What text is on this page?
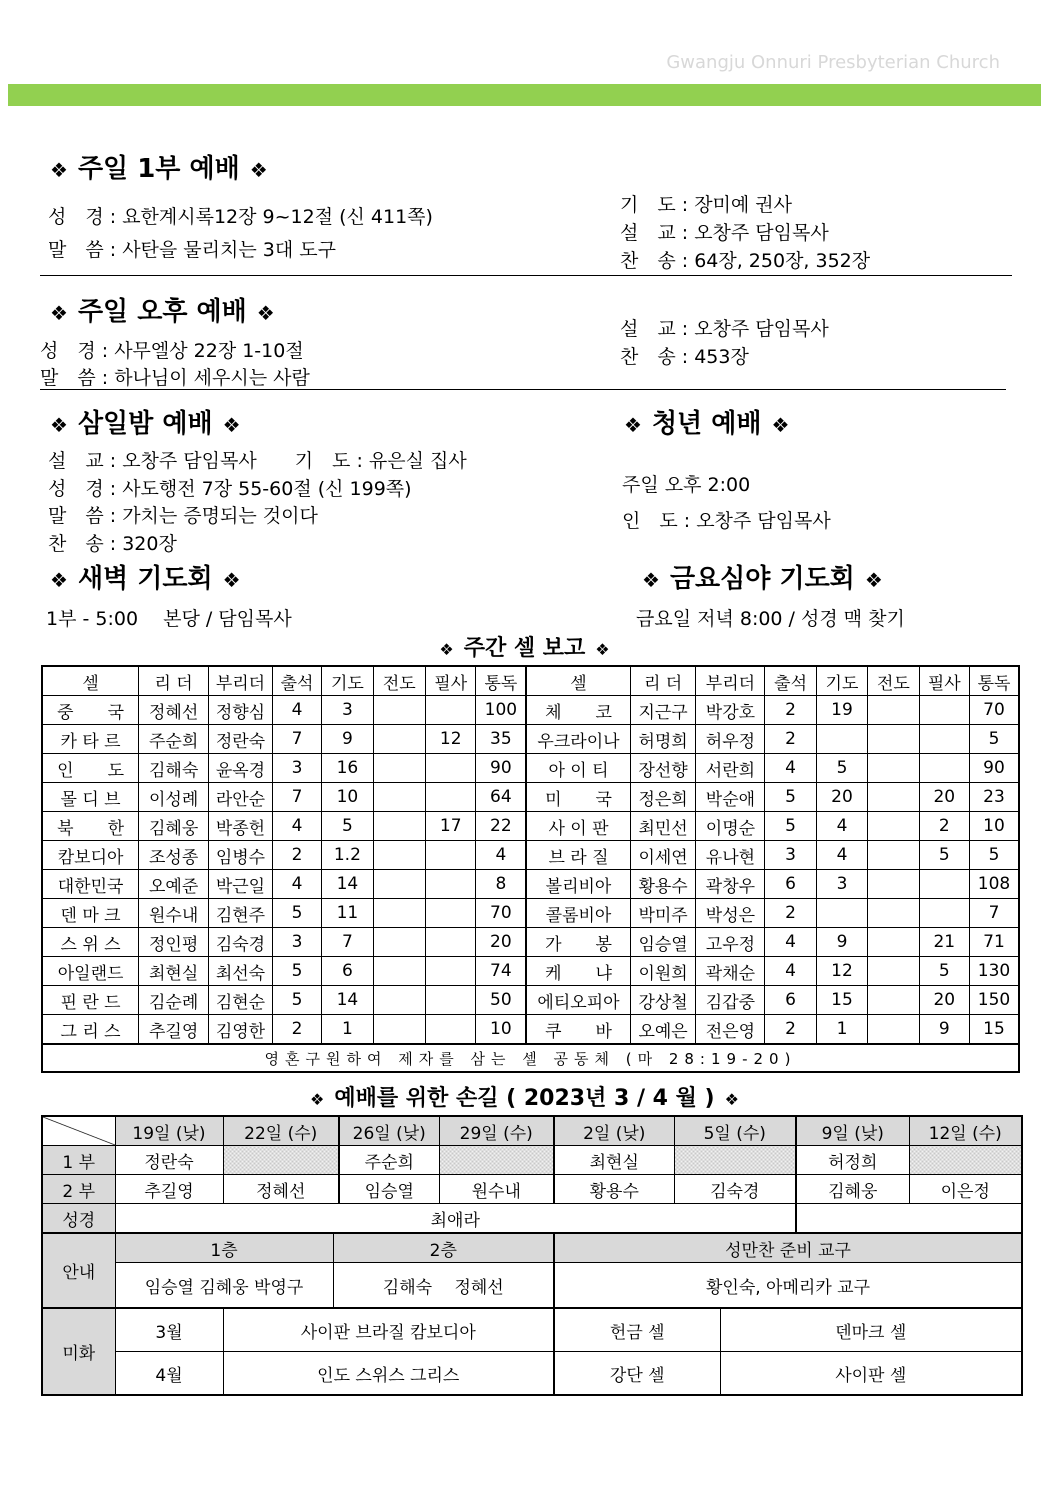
Gwangju Onnuri Presbyterian Church
❖ 주일 1부 예배 ❖
성　경 : 요한계시록12장 9~12절 (신 411쪽)
말　씀 : 사탄을 물리치는 3대 도구
기　도 : 장미예 권사
설　교 : 오창주 담임목사
찬　송 : 64장, 250장, 352장
❖ 주일 오후 예배 ❖
성　경 : 사무엘상 22장 1-10절
말　씀 : 하나님이 세우시는 사람
설　교 : 오창주 담임목사
찬　송 : 453장
❖ 삼일밤 예배 ❖
설　교 : 오창주 담임목사　　기　도 : 유은실 집사
성　경 : 사도행전 7장 55-60절 (신 199쪽)
말　씀 : 가치는 증명되는 것이다
찬　송 : 320장
❖ 청년 예배 ❖
주일 오후 2:00
인　도 : 오창주 담임목사
❖ 새벽 기도회 ❖
1부 - 5:00　 본당 / 담임목사
❖ 금요심야 기도회 ❖
금요일 저녁 8:00 / 성경 맥 찾기
❖ 주간 셀 보고 ❖
셀	리 더	부리더	출석	기도	전도	필사	통독	셀	리 더	부리더	출석	기도	전도	필사	통독
중　　국	정혜선	정향심	4	3			100	체　　코	지근구	박강호	2	19			70
카 타 르	주순희	정란숙	7	9		12	35	우크라이나	허명희	허우정	2				5
인　　도	김해숙	윤옥경	3	16			90	아 이 티	장선향	서란희	4	5			90
몰 디 브	이성례	라안순	7	10			64	미　　국	정은희	박순애	5	20		20	23
북　　한	김혜웅	박종헌	4	5		17	22	사 이 판	최민선	이명순	5	4		2	10
캄보디아	조성종	임병수	2	1.2			4	브 라 질	이세연	유나현	3	4		5	5
대한민국	오예준	박근일	4	14			8	볼리비아	황용수	곽창우	6	3			108
덴 마 크	원수내	김현주	5	11			70	콜롬비아	박미주	박성은	2				7
스 위 스	정인평	김숙경	3	7			20	가　　봉	임승열	고우정	4	9		21	71
아일랜드	최현실	최선숙	5	6			74	케　　냐	이원희	곽채순	4	12		5	130
핀 란 드	김순례	김현순	5	14			50	에티오피아	강상철	김갑중	6	15		20	150
그 리 스	추길영	김영한	2	1			10	쿠　　바	오예은	전은영	2	1		9	15
영혼구원하여 제자를 삼는 셀 공동체 (마 28:19-20)															
❖ 예배를 위한 손길 ( 2023년 3 / 4 월 ) ❖
	19일 (낮)	22일 (수)		26일 (낮)	29일 (수)	2일 (낮)	5일 (수)		9일 (낮)	12일 (수)
1 부	정란숙			주순희		최현실			허정희	
2 부	추길영	정혜선		임승열	원수내	황용수	김숙경		김혜웅	이은정
성경	최애라									
안내	1층		2층			성만찬 준비 교구				
	임승열 김혜웅 박영구		김해숙　 정혜선			황인숙, 아메리카 교구				
미화	3월	사이판 브라질 캄보디아				헌금 셀		덴마크 셀		
	4월	인도 스위스 그리스				강단 셀		사이판 셀		
